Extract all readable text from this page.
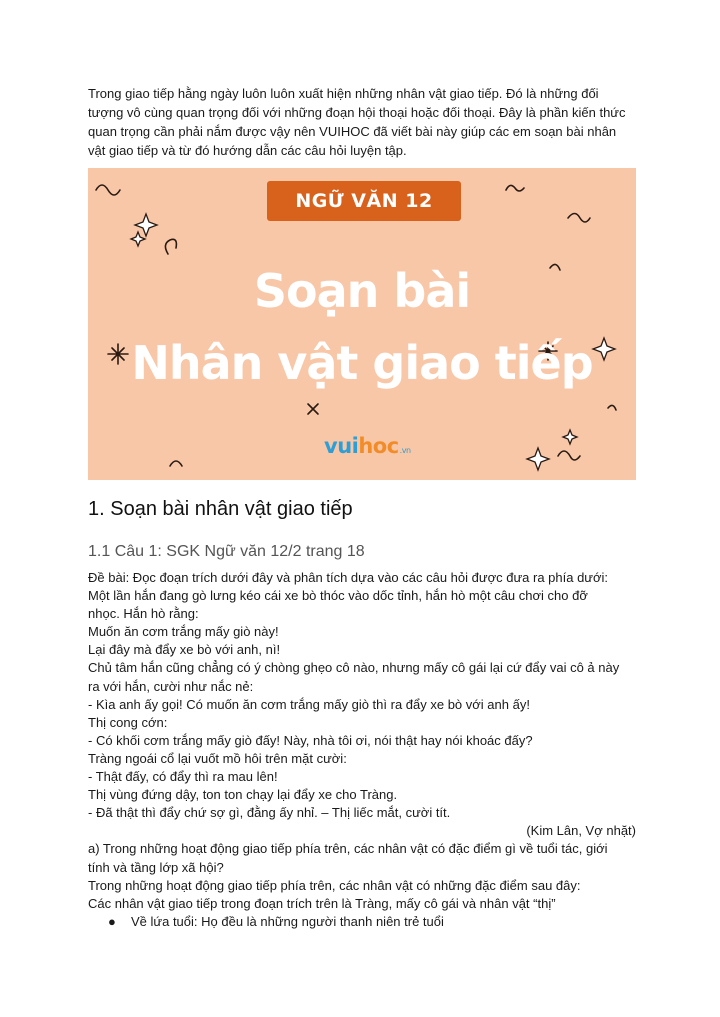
Trong giao tiếp hằng ngày luôn luôn xuất hiện những nhân vật giao tiếp. Đó là những đối tượng vô cùng quan trọng đối với những đoạn hội thoại hoặc đối thoại. Đây là phần kiến thức quan trọng cần phải nắm được vậy nên VUIHOC đã viết bài này giúp các em soạn bài nhân vật giao tiếp và từ đó hướng dẫn các câu hỏi luyện tập.

NGỮ VĂN 12
Soạn bài
Nhân vật giao tiếp
vuihoc.vn
1. Soạn bài nhân vật giao tiếp
1.1 Câu 1: SGK Ngữ văn 12/2 trang 18

Đề bài: Đọc đoạn trích dưới đây và phân tích dựa vào các câu hỏi được đưa ra phía dưới:

Một lần hắn đang gò lưng kéo cái xe bò thóc vào dốc tỉnh, hắn hò một câu chơi cho đỡ

nhọc. Hắn hò rằng:

Muốn ăn cơm trắng mấy giò này!

Lại đây mà đẩy xe bò với anh, nì!

Chủ tâm hắn cũng chẳng có ý chòng ghẹo cô nào, nhưng mấy cô gái lại cứ đẩy vai cô ả này

ra với hắn, cười như nắc nẻ:

- Kìa anh ấy gọi! Có muốn ăn cơm trắng mấy giò thì ra đẩy xe bò với anh ấy!

Thị cong cớn:

- Có khối cơm trắng mấy giò đấy! Này, nhà tôi ơi, nói thật hay nói khoác đấy?

Tràng ngoái cổ lại vuốt mồ hôi trên mặt cười:

- Thật đấy, có đẩy thì ra mau lên!

Thị vùng đứng dậy, ton ton chạy lại đẩy xe cho Tràng.

- Đã thật thì đẩy chứ sợ gì, đằng ấy nhỉ. – Thị liếc mắt, cười tít.

(Kim Lân, Vợ nhặt)

a) Trong những hoạt động giao tiếp phía trên, các nhân vật có đặc điểm gì về tuổi tác, giới

tính và tầng lớp xã hội?

Trong những hoạt động giao tiếp phía trên, các nhân vật có những đặc điểm sau đây:

Các nhân vật giao tiếp trong đoạn trích trên là Tràng, mấy cô gái và nhân vật “thị”

●	Về lứa tuổi: Họ đều là những người thanh niên trẻ tuổi
